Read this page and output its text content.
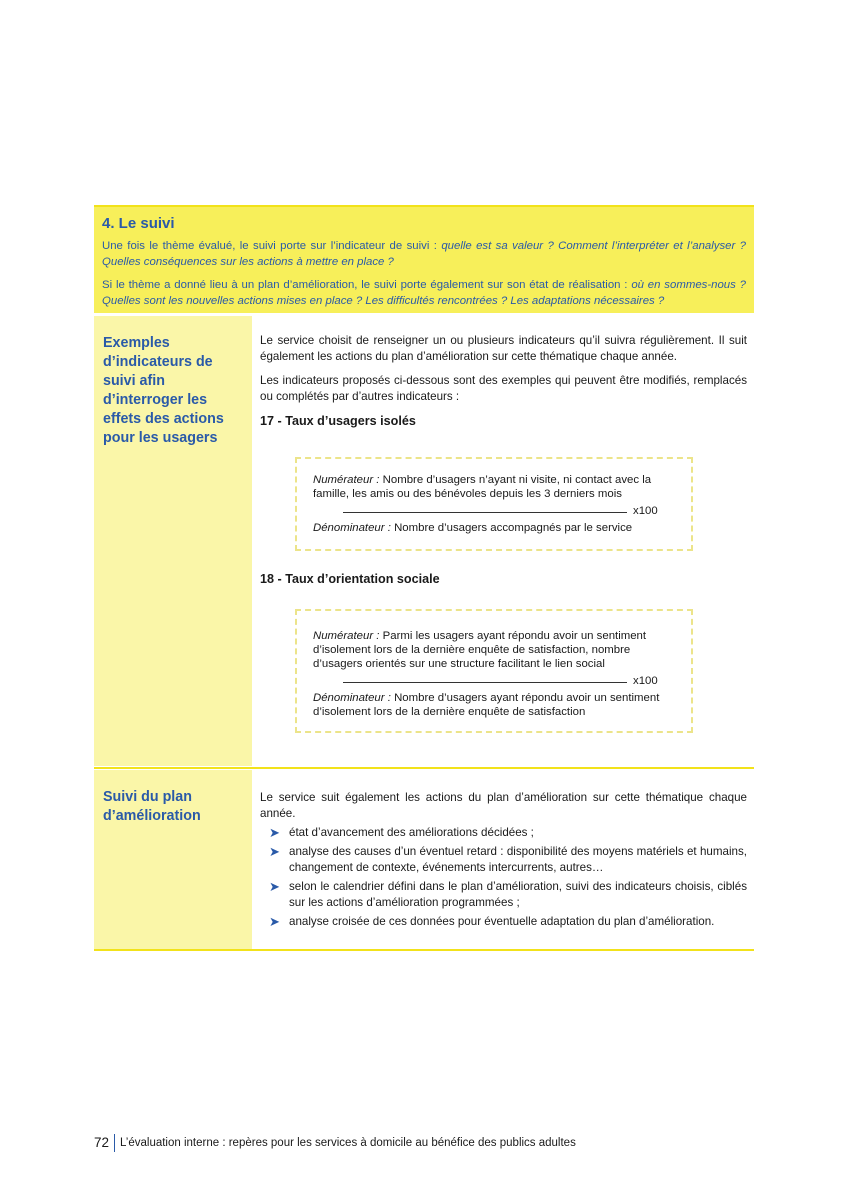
4. Le suivi

Une fois le thème évalué, le suivi porte sur l’indicateur de suivi : quelle est sa valeur ? Comment l’interpréter et l’analyser ? Quelles conséquences sur les actions à mettre en place ?

Si le thème a donné lieu à un plan d’amélioration, le suivi porte également sur son état de réalisation : où en sommes-nous ? Quelles sont les nouvelles actions mises en place ? Les difficultés rencontrées ? Les adaptations nécessaires ?

Exemples d’indicateurs de suivi afin d’interroger les effets des actions pour les usagers

Le service choisit de renseigner un ou plusieurs indicateurs qu’il suivra régulièrement. Il suit également les actions du plan d’amélioration sur cette thématique chaque année.

Les indicateurs proposés ci-dessous sont des exemples qui peuvent être modifiés, remplacés ou complétés par d’autres indicateurs :

17 - Taux d’usagers isolés
Numérateur : Nombre d’usagers n’ayant ni visite, ni contact avec la famille, les amis ou des bénévoles depuis les 3 derniers mois
x100
Dénominateur : Nombre d’usagers accompagnés par le service
18 - Taux d’orientation sociale
Numérateur : Parmi les usagers ayant répondu avoir un sentiment d’isolement lors de la dernière enquête de satisfaction, nombre d’usagers orientés sur une structure facilitant le lien social
x100
Dénominateur : Nombre d’usagers ayant répondu avoir un sentiment d’isolement lors de la dernière enquête de satisfaction
Suivi du plan d’amélioration

Le service suit également les actions du plan d’amélioration sur cette thématique chaque année.

➤ état d’avancement des améliorations décidées ;
➤ analyse des causes d’un éventuel retard : disponibilité des moyens matériels et humains, changement de contexte, événements intercurrents, autres…
➤ selon le calendrier défini dans le plan d’amélioration, suivi des indicateurs choisis, ciblés sur les actions d’amélioration programmées ;
➤ analyse croisée de ces données pour éventuelle adaptation du plan d’amélioration.
72 L’évaluation interne : repères pour les services à domicile au bénéfice des publics adultes
